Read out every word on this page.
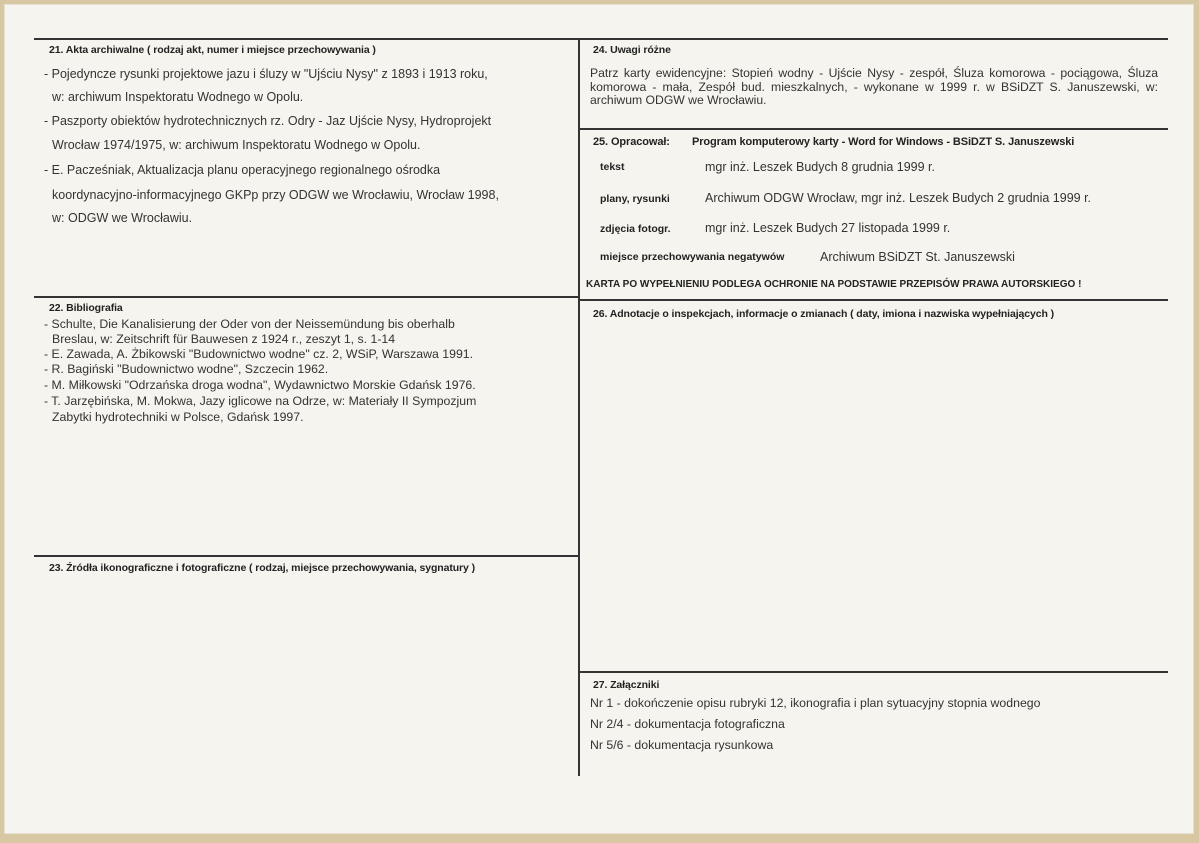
21. Akta archiwalne ( rodzaj akt, numer i miejsce przechowywania )
- Pojedyncze rysunki projektowe jazu i śluzy w "Ujściu Nysy" z 1893 i 1913 roku,
w: archiwum Inspektoratu Wodnego w Opolu.
- Paszporty obiektów hydrotechnicznych rz. Odry - Jaz Ujście Nysy, Hydroprojekt
Wrocław 1974/1975, w: archiwum Inspektoratu Wodnego w Opolu.
- E. Pacześniak, Aktualizacja planu operacyjnego regionalnego ośrodka
koordynacyjno-informacyjnego GKPp przy ODGW we Wrocławiu, Wrocław 1998,
w: ODGW we Wrocławiu.
22. Bibliografia
- Schulte, Die Kanalisierung der Oder von der Neissemündung bis oberhalb
Breslau, w: Zeitschrift für Bauwesen z 1924 r., zeszyt 1, s. 1-14
- E. Zawada, A. Żbikowski "Budownictwo wodne" cz. 2, WSiP, Warszawa 1991.
- R. Bagiński "Budownictwo wodne", Szczecin 1962.
- M. Miłkowski "Odrzańska droga wodna", Wydawnictwo Morskie Gdańsk 1976.
- T. Jarzębińska, M. Mokwa, Jazy iglicowe na Odrze, w: Materiały II Sympozjum
Zabytki hydrotechniki w Polsce, Gdańsk 1997.
23. Źródła ikonograficzne i fotograficzne ( rodzaj, miejsce przechowywania, sygnatury )
24. Uwagi różne
Patrz karty ewidencyjne: Stopień wodny - Ujście Nysy - zespół, Śluza komorowa - pociągowa, Śluza komorowa - mała, Zespół bud. mieszkalnych, - wykonane w 1999 r. w BSiDZT S. Januszewski, w: archiwum ODGW we Wrocławiu.
25. Opracował: Program komputerowy karty - Word for Windows - BSiDZT S. Januszewski
tekst	mgr inż. Leszek Budych 8 grudnia 1999 r.
plany, rysunki	Archiwum ODGW Wrocław, mgr inż. Leszek Budych 2 grudnia 1999 r.
zdjęcia fotogr.	mgr inż. Leszek Budych 27 listopada 1999 r.
miejsce przechowywania negatywów	Archiwum BSiDZT St. Januszewski
KARTA PO WYPEŁNIENIU PODLEGA OCHRONIE NA PODSTAWIE PRZEPISÓW PRAWA AUTORSKIEGO !
26. Adnotacje o inspekcjach, informacje o zmianach ( daty, imiona i nazwiska wypełniających )
27. Załączniki
Nr 1 - dokończenie opisu rubryki 12, ikonografia i plan sytuacyjny stopnia wodnego
Nr 2/4 - dokumentacja fotograficzna
Nr 5/6 - dokumentacja rysunkowa
